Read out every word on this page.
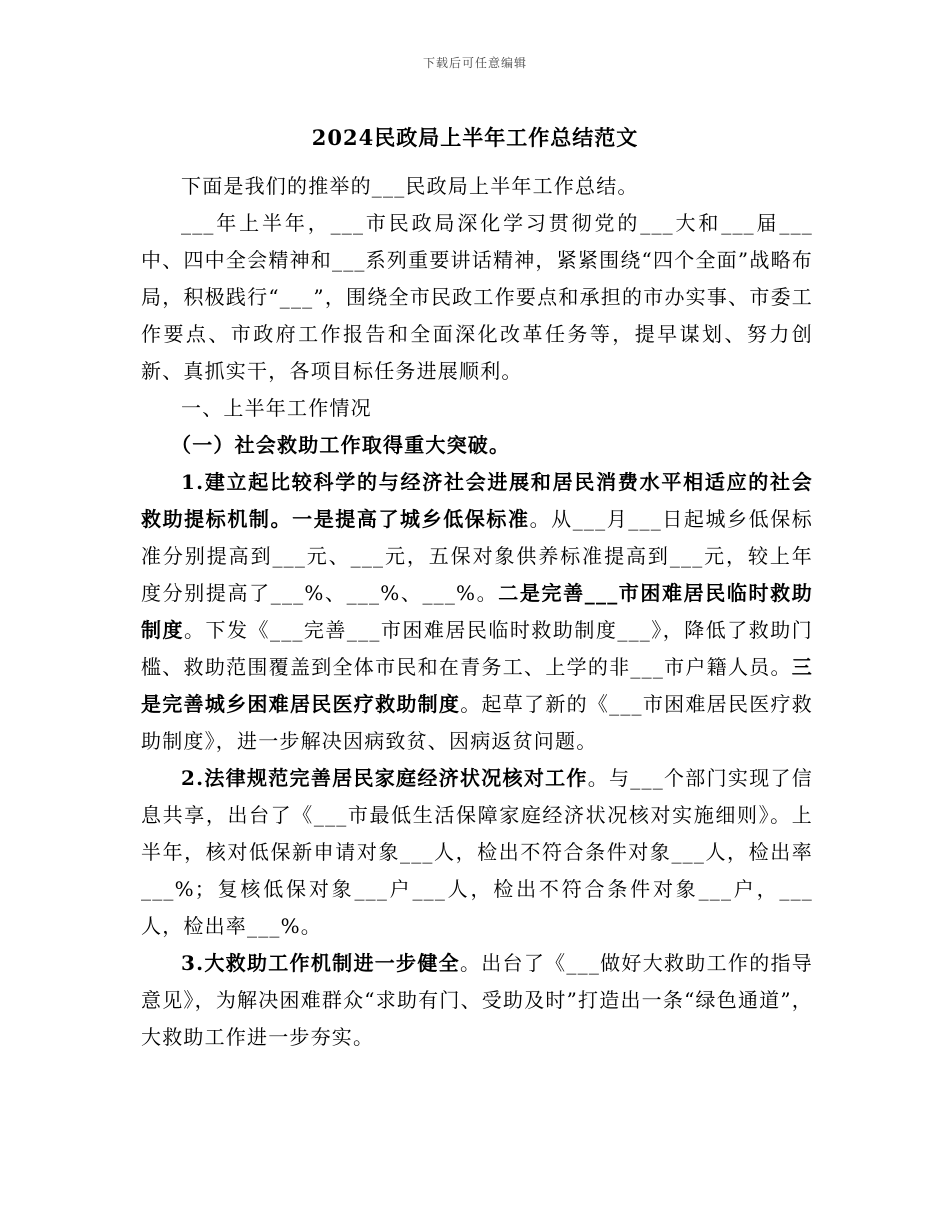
下载后可任意编辑
2024民政局上半年工作总结范文

下面是我们的推举的___民政局上半年工作总结。

___年上半年，___市民政局深化学习贯彻党的___大和___届___中、四中全会精神和___系列重要讲话精神，紧紧围绕“四个全面”战略布局，积极践行“___”，围绕全市民政工作要点和承担的市办实事、市委工作要点、市政府工作报告和全面深化改革任务等，提早谋划、努力创新、真抓实干，各项目标任务进展顺利。

一、上半年工作情况

（一）社会救助工作取得重大突破。

1.建立起比较科学的与经济社会进展和居民消费水平相适应的社会救助提标机制。一是提高了城乡低保标准。从___月___日起城乡低保标准分别提高到___元、___元，五保对象供养标准提高到___元，较上年度分别提高了___%、___%、___%。二是完善___市困难居民临时救助制度。下发《___完善___市困难居民临时救助制度___》，降低了救助门槛、救助范围覆盖到全体市民和在青务工、上学的非___市户籍人员。三是完善城乡困难居民医疗救助制度。起草了新的《___市困难居民医疗救助制度》，进一步解决因病致贫、因病返贫问题。

2.法律规范完善居民家庭经济状况核对工作。与___个部门实现了信息共享，出台了《___市最低生活保障家庭经济状况核对实施细则》。上半年，核对低保新申请对象___人，检出不符合条件对象___人，检出率___%；复核低保对象___户___人，检出不符合条件对象___户，___人，检出率___%。

3.大救助工作机制进一步健全。出台了《___做好大救助工作的指导意见》，为解决困难群众“求助有门、受助及时”打造出一条“绿色通道”，大救助工作进一步夯实。
